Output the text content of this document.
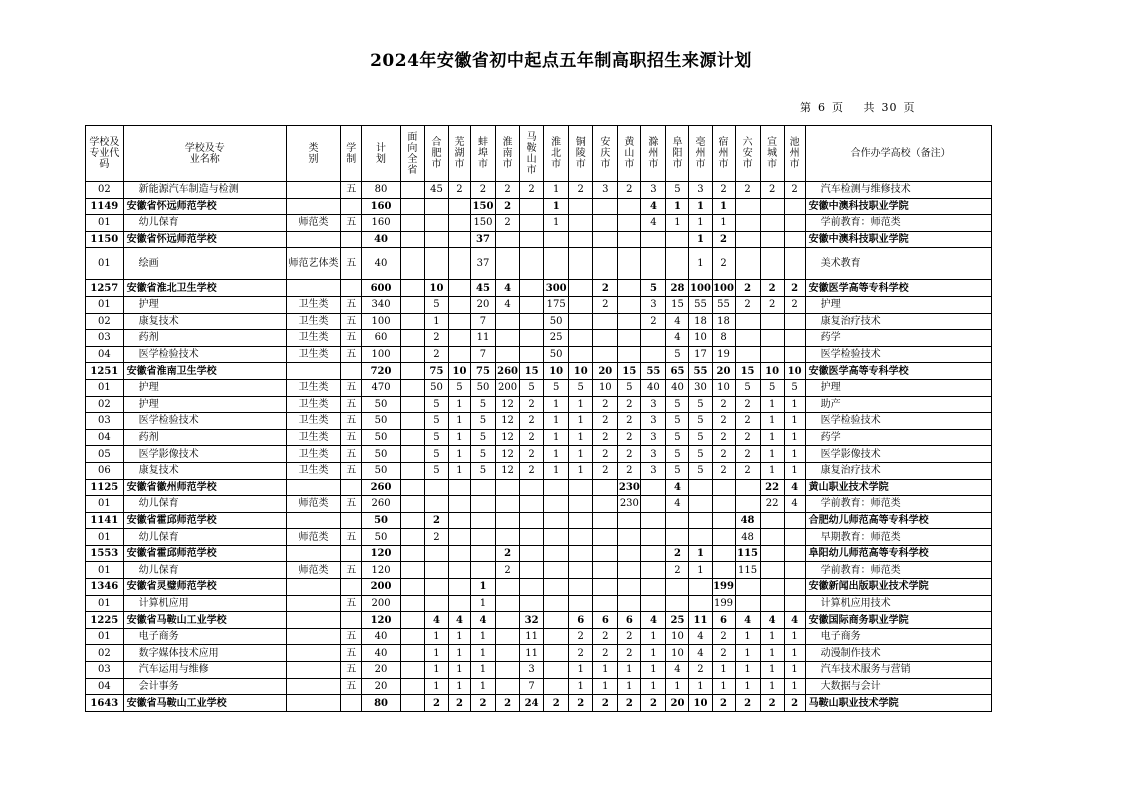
2024年安徽省初中起点五年制高职招生来源计划
第 6 页 共 30 页
学校及专业代码	学校及专业名称	类别	学制	计划	面向全省	合肥市	芜湖市	蚌埠市	淮南市	马鞍山市	淮北市	铜陵市	安庆市	黄山市	滁州市	阜阳市	亳州市	宿州市	六安市	宣城市	池州市	合作办学高校（备注）
02	新能源汽车制造与检测		五	80		45	2	2	2	2	1	2	3	2	3	5	3	2	2	2	2	汽车检测与维修技术
1149	安徽省怀远师范学校			160				150	2		1				4	1	1	1				安徽中澳科技职业学院
01	幼儿保育	师范类	五	160				150	2		1				4	1	1	1				学前教育：师范类
1150	安徽省怀远师范学校			40				37									1	2				安徽中澳科技职业学院
01	绘画	师范艺体类	五	40				37									1	2				美术教育
1257	安徽省淮北卫生学校			600		10		45	4		300		2		5	28	100	100	2	2	2	安徽医学高等专科学校
01	护理	卫生类	五	340		5		20	4		175		2		3	15	55	55	2	2	2	护理
02	康复技术	卫生类	五	100		1		7			50				2	4	18	18				康复治疗技术
03	药剂	卫生类	五	60		2		11			25					4	10	8				药学
04	医学检验技术	卫生类	五	100		2		7			50					5	17	19				医学检验技术
1251	安徽省淮南卫生学校			720		75	10	75	260	15	10	10	20	15	55	65	55	20	15	10	10	安徽医学高等专科学校
01	护理	卫生类	五	470		50	5	50	200	5	5	5	10	5	40	40	30	10	5	5	5	护理
02	护理	卫生类	五	50		5	1	5	12	2	1	1	2	2	3	5	5	2	2	1	1	助产
03	医学检验技术	卫生类	五	50		5	1	5	12	2	1	1	2	2	3	5	5	2	2	1	1	医学检验技术
04	药剂	卫生类	五	50		5	1	5	12	2	1	1	2	2	3	5	5	2	2	1	1	药学
05	医学影像技术	卫生类	五	50		5	1	5	12	2	1	1	2	2	3	5	5	2	2	1	1	医学影像技术
06	康复技术	卫生类	五	50		5	1	5	12	2	1	1	2	2	3	5	5	2	2	1	1	康复治疗技术
1125	安徽省徽州师范学校			260										230		4				22	4	黄山职业技术学院
01	幼儿保育	师范类	五	260										230		4				22	4	学前教育：师范类
1141	安徽省霍邱师范学校			50		2													48			合肥幼儿师范高等专科学校
01	幼儿保育	师范类	五	50		2													48			早期教育：师范类
1553	安徽省霍邱师范学校			120					2							2	1		115			阜阳幼儿师范高等专科学校
01	幼儿保育	师范类	五	120					2							2	1		115			学前教育：师范类
1346	安徽省灵璧师范学校			200				1										199				安徽新闻出版职业技术学院
01	计算机应用		五	200				1										199				计算机应用技术
1225	安徽省马鞍山工业学校			120		4	4	4		32		6	6	6	4	25	11	6	4	4	4	安徽国际商务职业学院
01	电子商务		五	40		1	1	1		11		2	2	2	1	10	4	2	1	1	1	电子商务
02	数字媒体技术应用		五	40		1	1	1		11		2	2	2	1	10	4	2	1	1	1	动漫制作技术
03	汽车运用与维修		五	20		1	1	1		3		1	1	1	1	4	2	1	1	1	1	汽车技术服务与营销
04	会计事务		五	20		1	1	1		7		1	1	1	1	1	1	1	1	1	1	大数据与会计
1643	安徽省马鞍山工业学校			80		2	2	2	2	24	2	2	2	2	2	20	10	2	2	2	2	马鞍山职业技术学院
